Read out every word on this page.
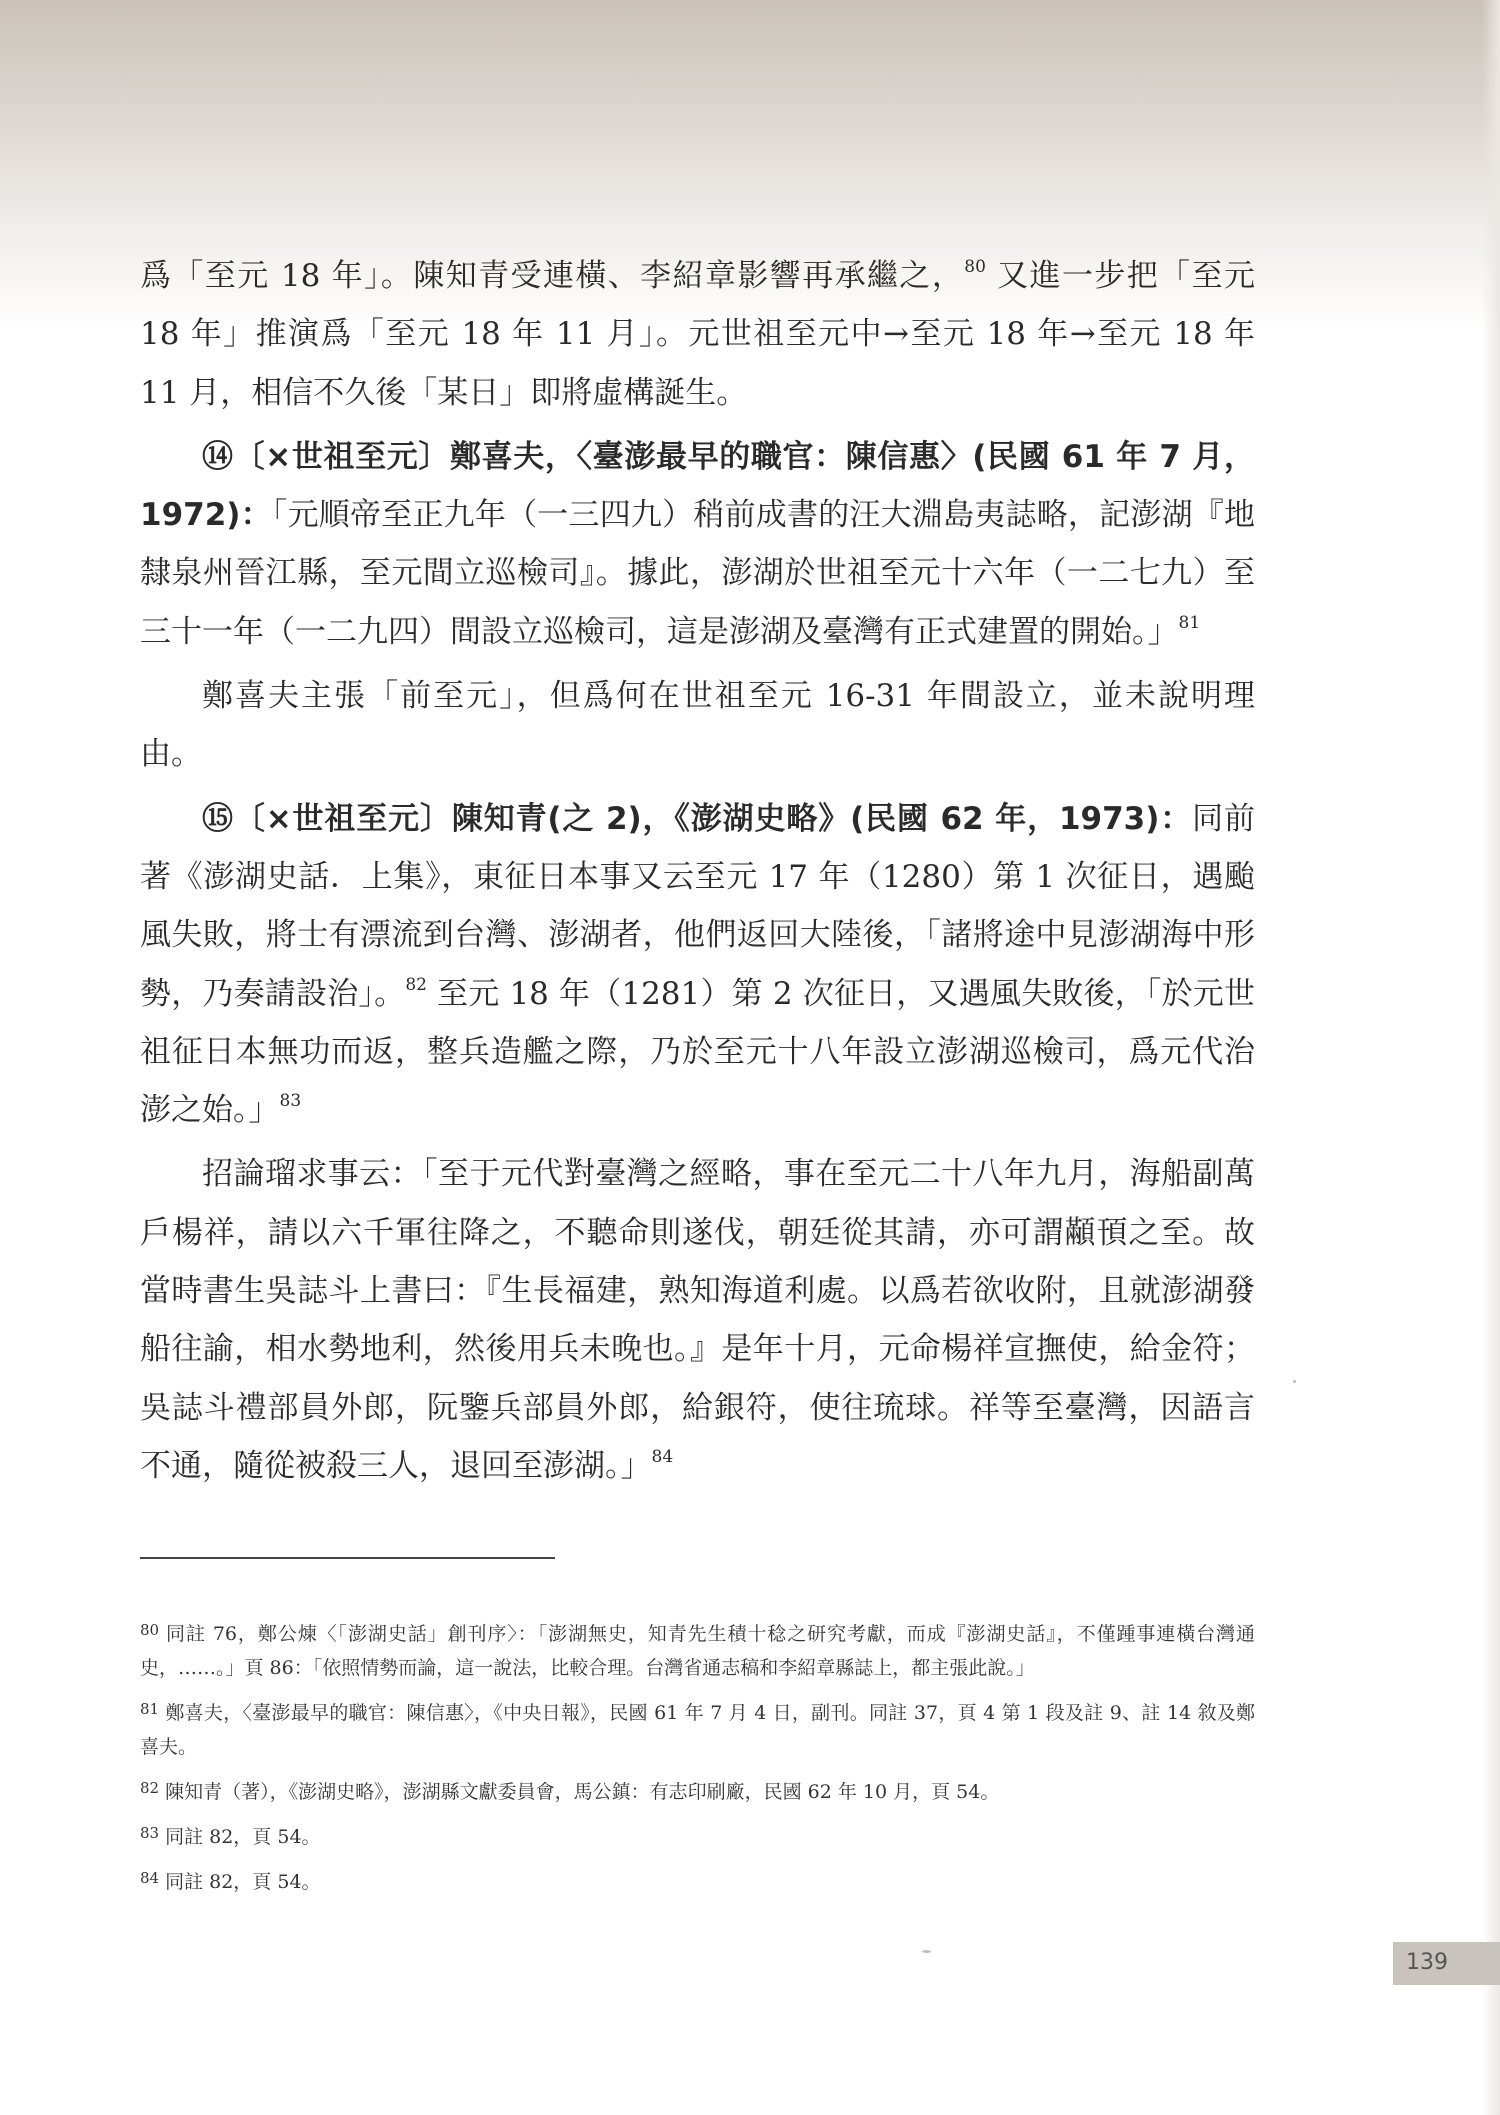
爲「至元 18 年」。陳知青受連橫、李紹章影響再承繼之，$^{80}$ 又進一步把「至元 18 年」推演爲「至元 18 年 11 月」。元世祖至元中→至元 18 年→至元 18 年 11 月，相信不久後「某日」即將虛構誕生。

⑭〔×世祖至元〕鄭喜夫，〈臺澎最早的職官：陳信惠〉(民國 61 年 7 月，1972)：「元順帝至正九年（一三四九）稍前成書的汪大淵島夷誌略，記澎湖『地隸泉州晉江縣，至元間立巡檢司』。據此，澎湖於世祖至元十六年（一二七九）至三十一年（一二九四）間設立巡檢司，這是澎湖及臺灣有正式建置的開始。」$^{81}$

鄭喜夫主張「前至元」，但爲何在世祖至元 16-31 年間設立，並未說明理由。

⑮〔×世祖至元〕陳知青(之 2)，《澎湖史略》(民國 62 年，1973)：同前著《澎湖史話．上集》，東征日本事又云至元 17 年（1280）第 1 次征日，遇颱風失敗，將士有漂流到台灣、澎湖者，他們返回大陸後，「諸將途中見澎湖海中形勢，乃奏請設治」。$^{82}$ 至元 18 年（1281）第 2 次征日，又遇風失敗後，「於元世祖征日本無功而返，整兵造艦之際，乃於至元十八年設立澎湖巡檢司，爲元代治澎之始。」$^{83}$

招論瑠求事云：「至于元代對臺灣之經略，事在至元二十八年九月，海船副萬戶楊祥，請以六千軍往降之，不聽命則遂伐，朝廷從其請，亦可謂顢頇之至。故當時書生吳誌斗上書曰：『生長福建，熟知海道利處。以爲若欲收附，且就澎湖發船往諭，相水勢地利，然後用兵未晚也。』是年十月，元命楊祥宣撫使，給金符；吳誌斗禮部員外郎，阮鑒兵部員外郎，給銀符，使往琉球。祥等至臺灣，因語言不通，隨從被殺三人，退回至澎湖。」$^{84}$

$^{80}$ 同註 76，鄭公煉〈「澎湖史話」創刊序〉：「澎湖無史，知青先生積十稔之研究考獻，而成『澎湖史話』，不僅踵事連橫台灣通史，……。」頁 86：「依照情勢而論，這一說法，比較合理。台灣省通志稿和李紹章縣誌上，都主張此說。」

$^{81}$ 鄭喜夫，〈臺澎最早的職官：陳信惠〉，《中央日報》，民國 61 年 7 月 4 日，副刊。同註 37，頁 4 第 1 段及註 9、註 14 敘及鄭喜夫。

$^{82}$ 陳知青（著），《澎湖史略》，澎湖縣文獻委員會，馬公鎮：有志印刷廠，民國 62 年 10 月，頁 54。

$^{83}$ 同註 82，頁 54。

$^{84}$ 同註 82，頁 54。

139
